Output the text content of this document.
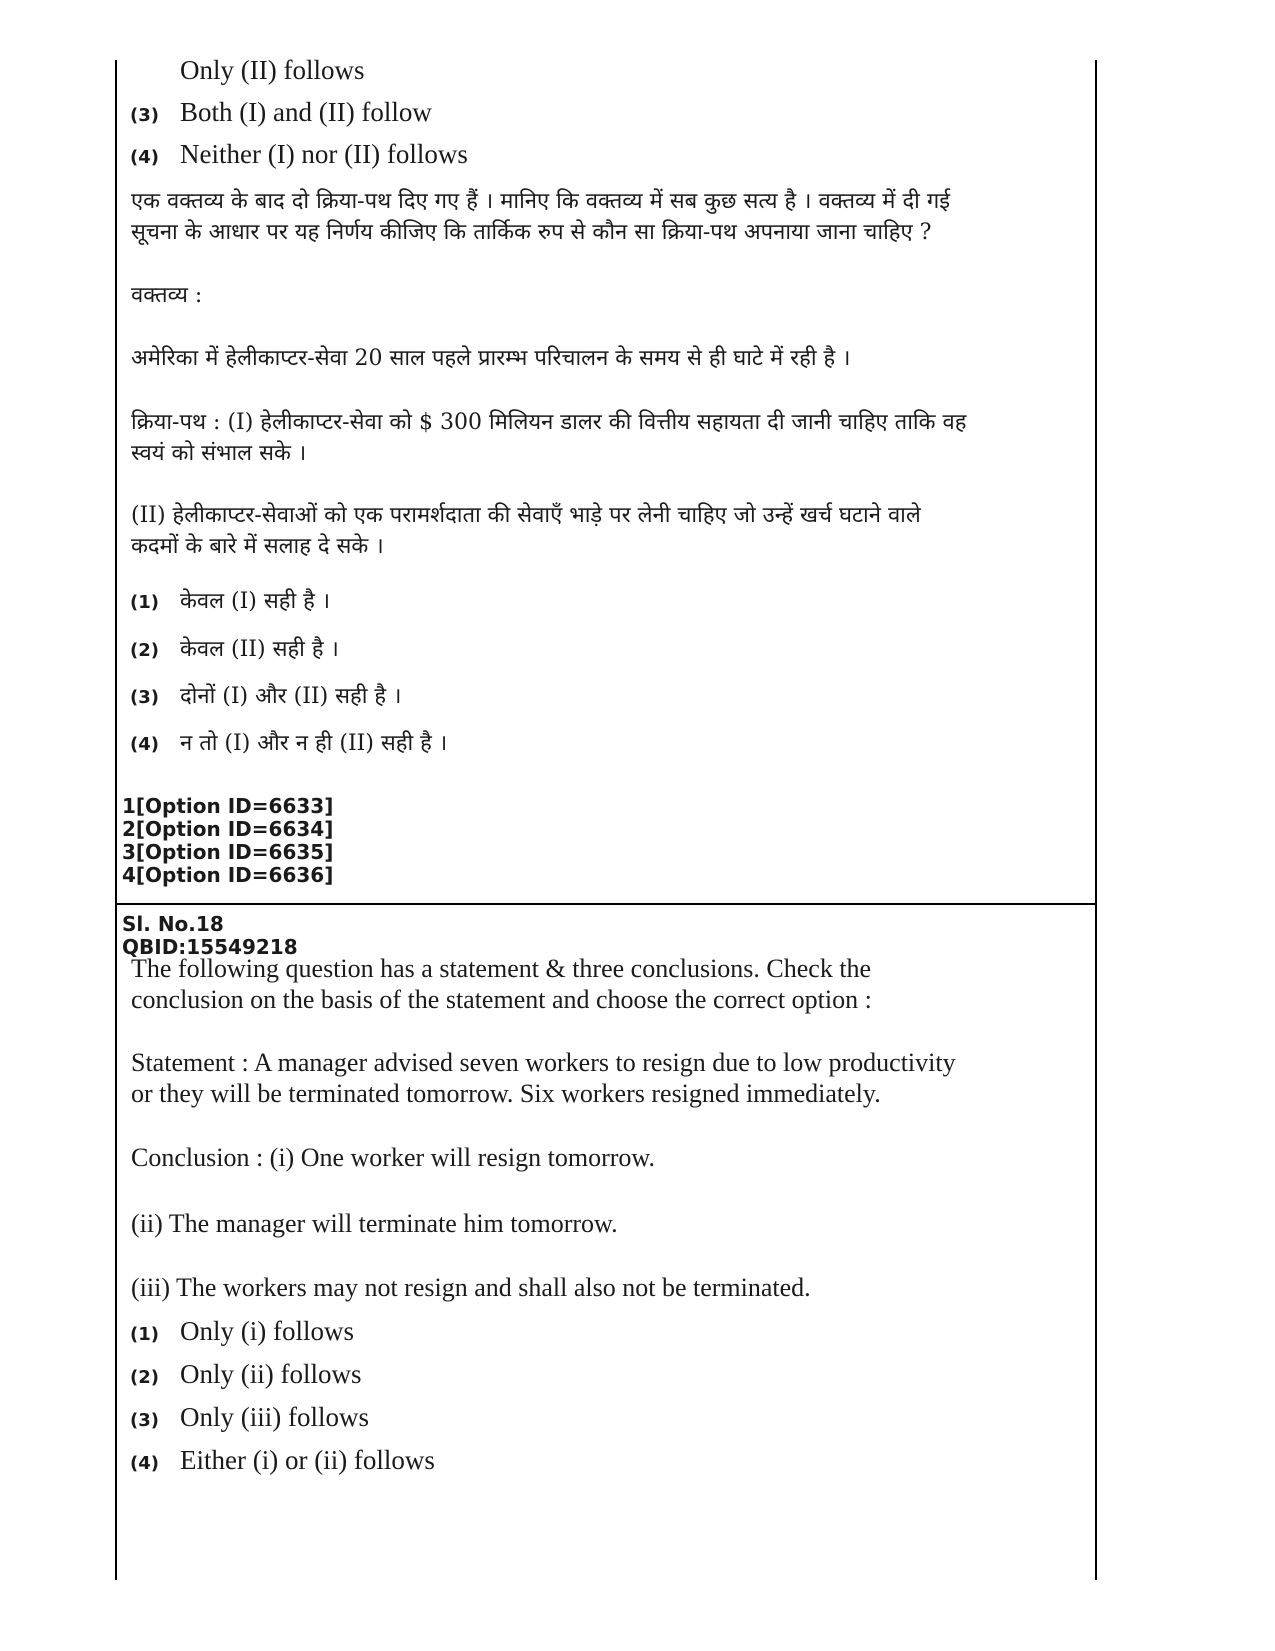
Only (II) follows
(3) Both (I) and (II) follow
(4) Neither (I) nor (II) follows
एक वक्तव्य के बाद दो क्रिया-पथ दिए गए हैं । मानिए कि वक्तव्य में सब कुछ सत्य है । वक्तव्य में दी गई
सूचना के आधार पर यह निर्णय कीजिए कि तार्किक रुप से कौन सा क्रिया-पथ अपनाया जाना चाहिए ?
वक्तव्य :
अमेरिका में हेलीकाप्टर-सेवा 20 साल पहले प्रारम्भ परिचालन के समय से ही घाटे में रही है ।
क्रिया-पथ : (I) हेलीकाप्टर-सेवा को $ 300 मिलियन डालर की वित्तीय सहायता दी जानी चाहिए ताकि वह
स्वयं को संभाल सके ।
(II) हेलीकाप्टर-सेवाओं को एक परामर्शदाता की सेवाएँ भाड़े पर लेनी चाहिए जो उन्हें खर्च घटाने वाले
कदमों के बारे में सलाह दे सके ।
(1) केवल (I) सही है ।
(2) केवल (II) सही है ।
(3) दोनों (I) और (II) सही है ।
(4) न तो (I) और न ही (II) सही है ।
1[Option ID=6633]
2[Option ID=6634]
3[Option ID=6635]
4[Option ID=6636]
Sl. No.18
QBID:15549218
The following question has a statement & three conclusions. Check the
conclusion on the basis of the statement and choose the correct option :
Statement : A manager advised seven workers to resign due to low productivity
or they will be terminated tomorrow. Six workers resigned immediately.
Conclusion : (i) One worker will resign tomorrow.
(ii) The manager will terminate him tomorrow.
(iii) The workers may not resign and shall also not be terminated.
(1) Only (i) follows
(2) Only (ii) follows
(3) Only (iii) follows
(4) Either (i) or (ii) follows
